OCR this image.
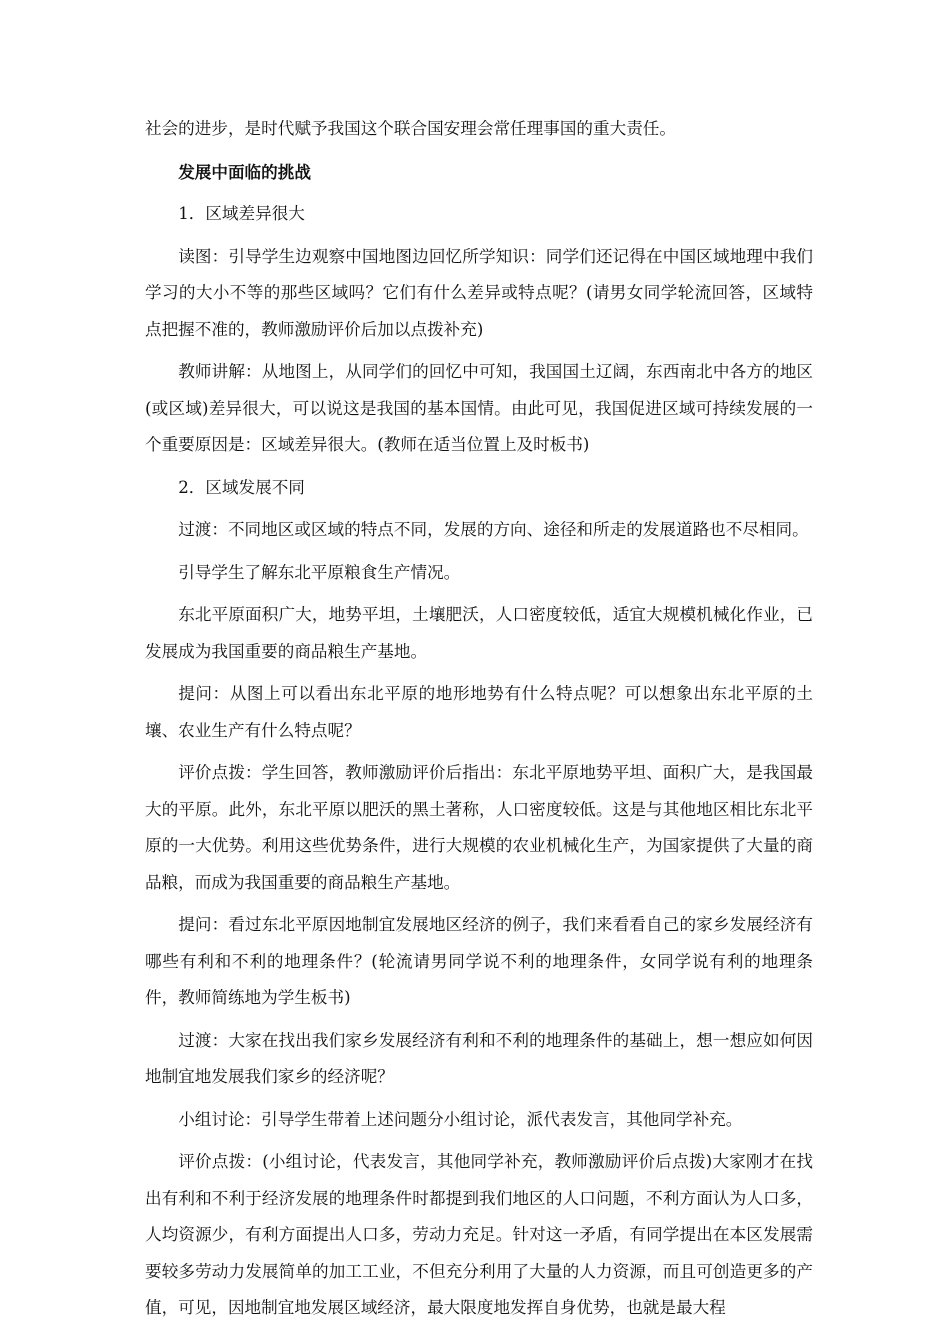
社会的进步，是时代赋予我国这个联合国安理会常任理事国的重大责任。

发展中面临的挑战

1．区域差异很大

读图：引导学生边观察中国地图边回忆所学知识：同学们还记得在中国区域地理中我们学习的大小不等的那些区域吗？它们有什么差异或特点呢？(请男女同学轮流回答，区域特点把握不准的，教师激励评价后加以点拨补充)

教师讲解：从地图上，从同学们的回忆中可知，我国国土辽阔，东西南北中各方的地区(或区域)差异很大，可以说这是我国的基本国情。由此可见，我国促进区域可持续发展的一个重要原因是：区域差异很大。(教师在适当位置上及时板书)

2．区域发展不同

过渡：不同地区或区域的特点不同，发展的方向、途径和所走的发展道路也不尽相同。

引导学生了解东北平原粮食生产情况。

东北平原面积广大，地势平坦，土壤肥沃，人口密度较低，适宜大规模机械化作业，已发展成为我国重要的商品粮生产基地。

提问：从图上可以看出东北平原的地形地势有什么特点呢？可以想象出东北平原的土壤、农业生产有什么特点呢？

评价点拨：学生回答，教师激励评价后指出：东北平原地势平坦、面积广大，是我国最大的平原。此外，东北平原以肥沃的黑土著称，人口密度较低。这是与其他地区相比东北平原的一大优势。利用这些优势条件，进行大规模的农业机械化生产，为国家提供了大量的商品粮，而成为我国重要的商品粮生产基地。

提问：看过东北平原因地制宜发展地区经济的例子，我们来看看自己的家乡发展经济有哪些有利和不利的地理条件？(轮流请男同学说不利的地理条件，女同学说有利的地理条件，教师简练地为学生板书)

过渡：大家在找出我们家乡发展经济有利和不利的地理条件的基础上，想一想应如何因地制宜地发展我们家乡的经济呢？

小组讨论：引导学生带着上述问题分小组讨论，派代表发言，其他同学补充。

评价点拨：(小组讨论，代表发言，其他同学补充，教师激励评价后点拨)大家刚才在找出有利和不利于经济发展的地理条件时都提到我们地区的人口问题，不利方面认为人口多，人均资源少，有利方面提出人口多，劳动力充足。针对这一矛盾，有同学提出在本区发展需要较多劳动力发展简单的加工工业，不但充分利用了大量的人力资源，而且可创造更多的产值，可见，因地制宜地发展区域经济，最大限度地发挥自身优势，也就是最大程
